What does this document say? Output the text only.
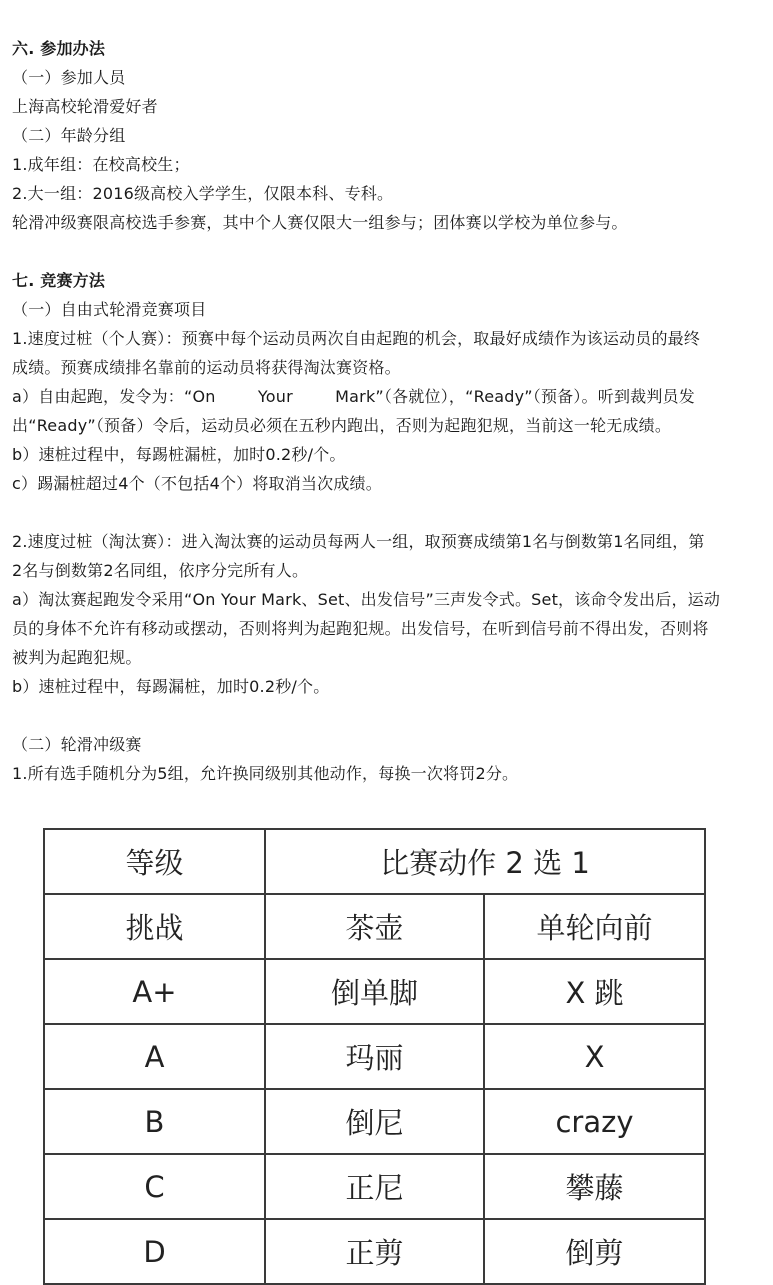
六. 参加办法

（一）参加人员

上海高校轮滑爱好者

（二）年龄分组

1.成年组：在校高校生；

2.大一组：2016级高校入学学生，仅限本科、专科。

轮滑冲级赛限高校选手参赛，其中个人赛仅限大一组参与；团体赛以学校为单位参与。

七. 竞赛方法

（一）自由式轮滑竞赛项目

1.速度过桩（个人赛）：预赛中每个运动员两次自由起跑的机会，取最好成绩作为该运动员的最终

成绩。预赛成绩排名靠前的运动员将获得淘汰赛资格。

a）自由起跑，发令为：“On        Your        Mark”（各就位），“Ready”（预备）。听到裁判员发

出“Ready”（预备）令后，运动员必须在五秒内跑出，否则为起跑犯规，当前这一轮无成绩。

b）速桩过程中，每踢桩漏桩，加时0.2秒/个。

c）踢漏桩超过4个（不包括4个）将取消当次成绩。

2.速度过桩（淘汰赛）：进入淘汰赛的运动员每两人一组，取预赛成绩第1名与倒数第1名同组，第

2名与倒数第2名同组，依序分完所有人。

a）淘汰赛起跑发令采用“On Your Mark、Set、出发信号”三声发令式。Set，该命令发出后，运动

员的身体不允许有移动或摆动，否则将判为起跑犯规。出发信号，在听到信号前不得出发，否则将

被判为起跑犯规。

b）速桩过程中，每踢漏桩，加时0.2秒/个。

（二）轮滑冲级赛

1.所有选手随机分为5组，允许换同级别其他动作，每换一次将罚2分。

等级	比赛动作 2 选 1	
挑战	茶壶	单轮向前
A+	倒单脚	X 跳
A	玛丽	X
B	倒尼	crazy
C	正尼	攀藤
D	正剪	倒剪
